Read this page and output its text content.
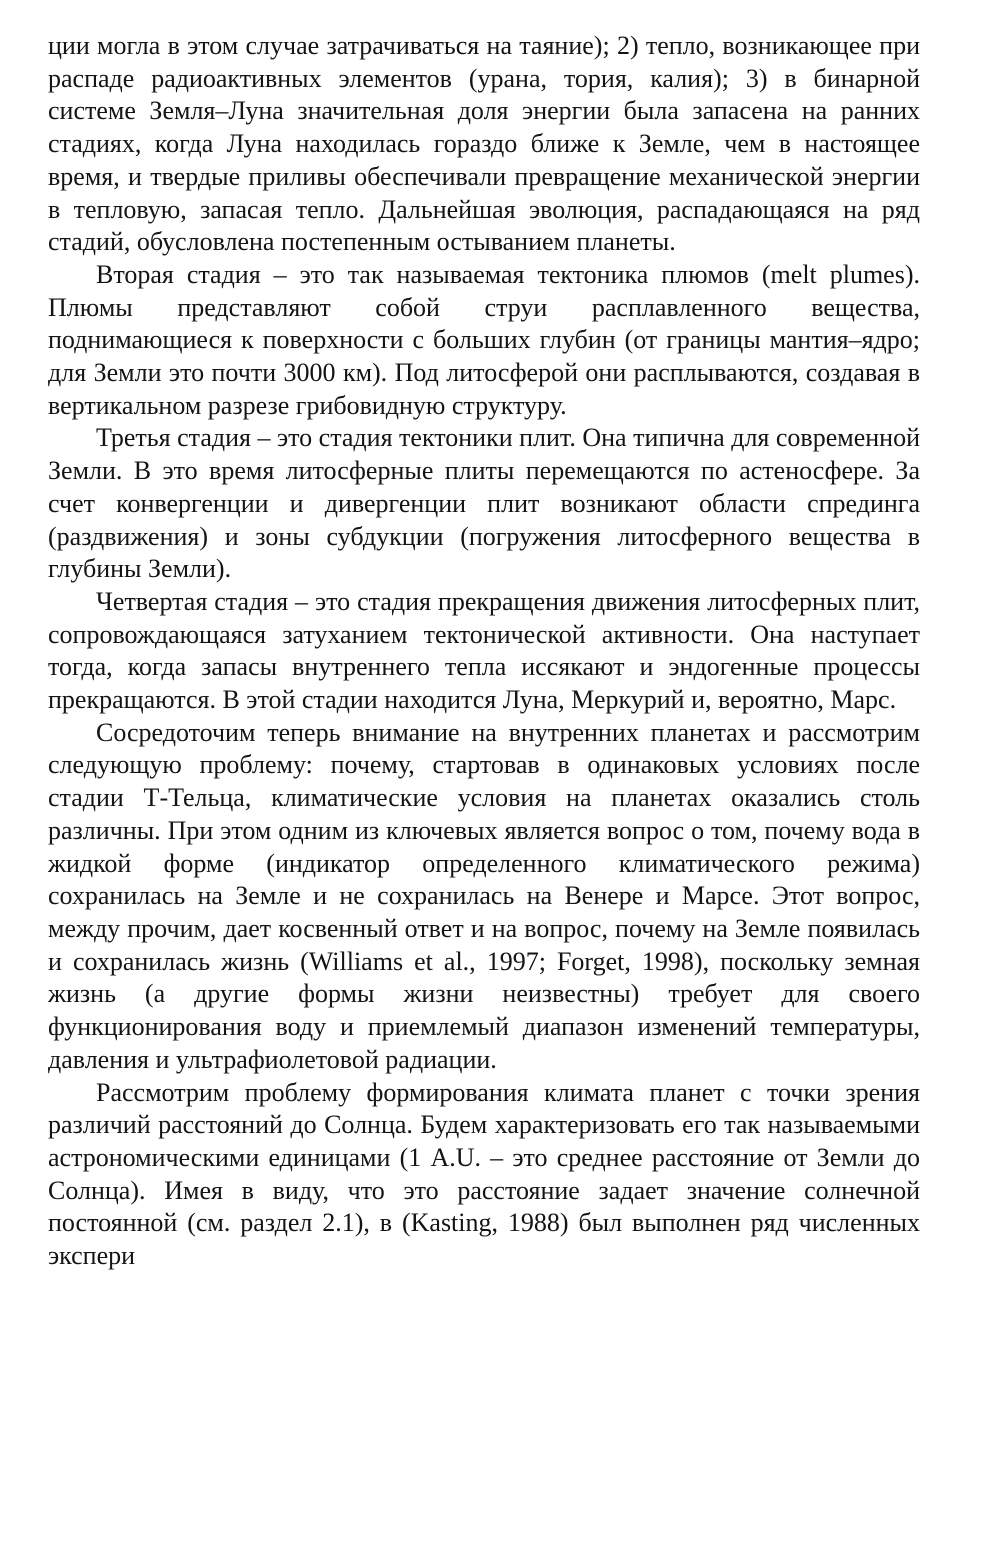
ции могла в этом случае затрачиваться на таяние); 2) тепло, возникающее при распаде радиоактивных элементов (урана, тория, калия); 3) в бинарной системе Земля–Луна значительная доля энергии была запасена на ранних стадиях, когда Луна находилась гораздо ближе к Земле, чем в настоящее время, и твердые приливы обеспечивали превращение механической энергии в тепловую, запасая тепло. Дальнейшая эволюция, распадающаяся на ряд стадий, обусловлена постепенным остыванием планеты.

Вторая стадия – это так называемая тектоника плюмов (melt plumes). Плюмы представляют собой струи расплавленного вещества, поднимающиеся к поверхности с больших глубин (от границы мантия–ядро; для Земли это почти 3000 км). Под литосферой они расплываются, создавая в вертикальном разрезе грибовидную структуру.

Третья стадия – это стадия тектоники плит. Она типична для современной Земли. В это время литосферные плиты перемещаются по астеносфере. За счет конвергенции и дивергенции плит возникают области спрединга (раздвижения) и зоны субдукции (погружения литосферного вещества в глубины Земли).

Четвертая стадия – это стадия прекращения движения литосферных плит, сопровождающаяся затуханием тектонической активности. Она наступает тогда, когда запасы внутреннего тепла иссякают и эндогенные процессы прекращаются. В этой стадии находится Луна, Меркурий и, вероятно, Марс.

Сосредоточим теперь внимание на внутренних планетах и рассмотрим следующую проблему: почему, стартовав в одинаковых условиях после стадии Т-Тельца, климатические условия на планетах оказались столь различны. При этом одним из ключевых является вопрос о том, почему вода в жидкой форме (индикатор определенного климатического режима) сохранилась на Земле и не сохранилась на Венере и Марсе. Этот вопрос, между прочим, дает косвенный ответ и на вопрос, почему на Земле появилась и сохранилась жизнь (Williams et al., 1997; Forget, 1998), поскольку земная жизнь (а другие формы жизни неизвестны) требует для своего функционирования воду и приемлемый диапазон изменений температуры, давления и ультрафиолетовой радиации.

Рассмотрим проблему формирования климата планет с точки зрения различий расстояний до Солнца. Будем характеризовать его так называемыми астрономическими единицами (1 A.U. – это среднее расстояние от Земли до Солнца). Имея в виду, что это расстояние задает значение солнечной постоянной (см. раздел 2.1), в (Kasting, 1988) был выполнен ряд численных экспери
